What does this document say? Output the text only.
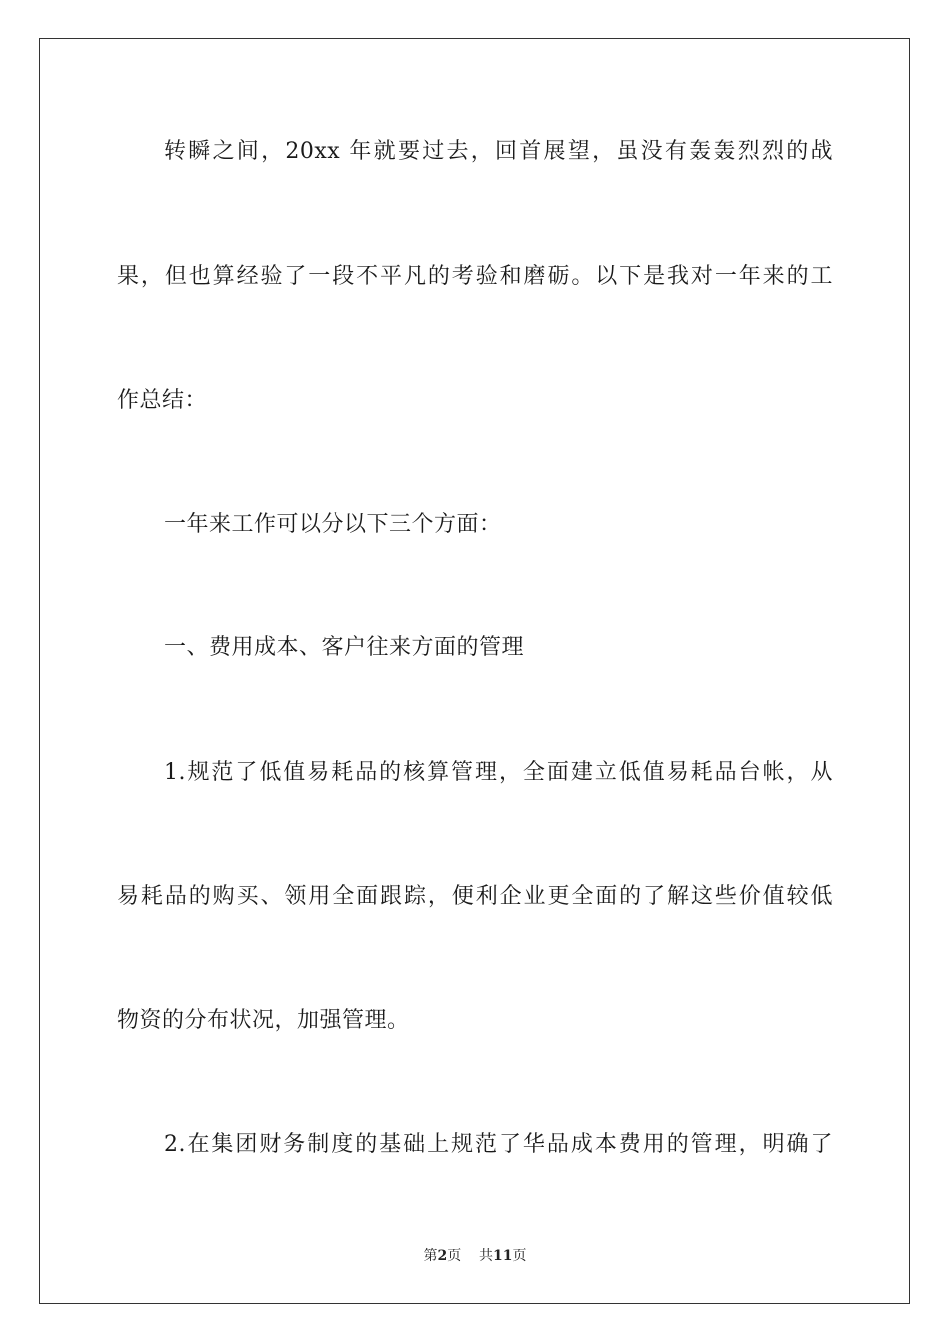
转瞬之间，20xx 年就要过去，回首展望，虽没有轰轰烈烈的战
果，但也算经验了一段不平凡的考验和磨砺。以下是我对一年来的工
作总结：
一年来工作可以分以下三个方面：
一、费用成本、客户往来方面的管理
1.规范了低值易耗品的核算管理，全面建立低值易耗品台帐，从
易耗品的购买、领用全面跟踪，便利企业更全面的了解这些价值较低
物资的分布状况，加强管理。
2.在集团财务制度的基础上规范了华品成本费用的管理，明确了
第2页 共11页
